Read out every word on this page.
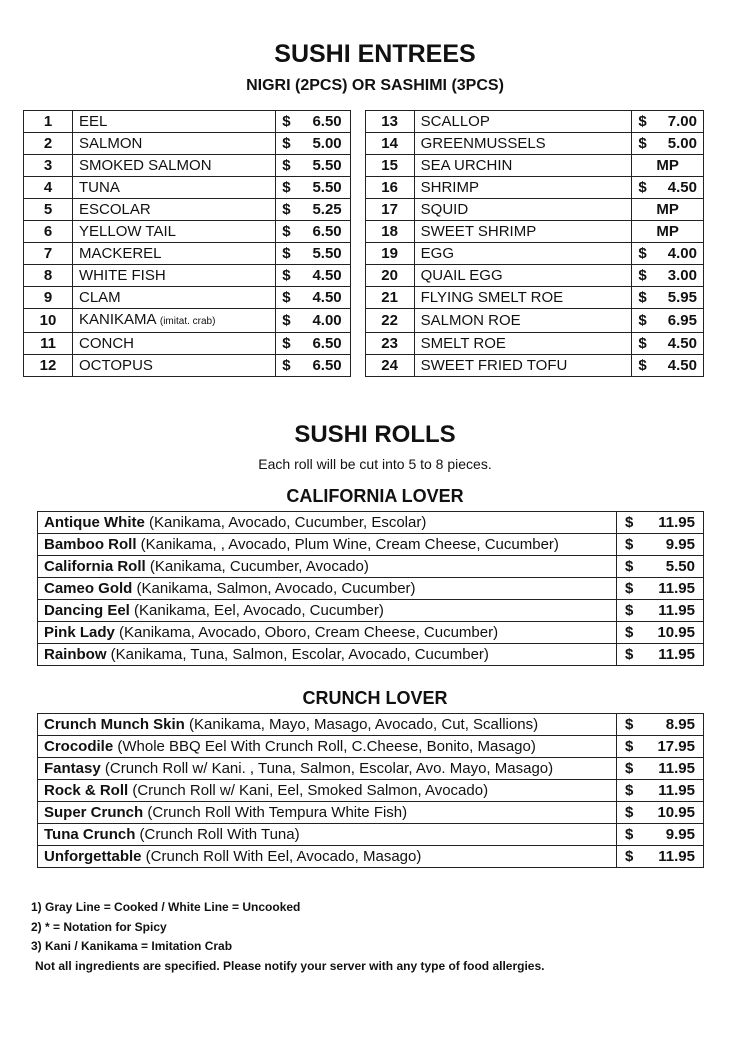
SUSHI ENTREES
NIGRI (2PCS) OR SASHIMI (3PCS)
1	EEL	$ 6.50		13	SCALLOP	$ 7.00

2	SALMON	$ 5.00		14	GREENMUSSELS	$ 5.00

3	SMOKED SALMON	$ 5.50		15	SEA URCHIN	MP

4	TUNA	$ 5.50		16	SHRIMP	$ 4.50

5	ESCOLAR	$ 5.25		17	SQUID	MP

6	YELLOW TAIL	$ 6.50		18	SWEET SHRIMP	MP

7	MACKEREL	$ 5.50		19	EGG	$ 4.00

8	WHITE FISH	$ 4.50		20	QUAIL EGG	$ 3.00

9	CLAM	$ 4.50		21	FLYING SMELT ROE	$ 5.95

10	KANIKAMA (imitat. crab)	$ 4.00		22	SALMON ROE	$ 6.95

11	CONCH	$ 6.50		23	SMELT ROE	$ 4.50

12	OCTOPUS	$ 6.50		24	SWEET FRIED TOFU	$ 4.50
SUSHI ROLLS
Each roll will be cut into 5 to 8 pieces.
CALIFORNIA LOVER
Antique White (Kanikama, Avocado, Cucumber, Escolar)	$ 11.95

Bamboo Roll (Kanikama, , Avocado, Plum Wine, Cream Cheese, Cucumber)	$ 9.95

California Roll (Kanikama, Cucumber, Avocado)	$ 5.50

Cameo Gold (Kanikama, Salmon, Avocado, Cucumber)	$ 11.95

Dancing Eel (Kanikama, Eel, Avocado, Cucumber)	$ 11.95

Pink Lady (Kanikama, Avocado, Oboro, Cream Cheese, Cucumber)	$ 10.95

Rainbow (Kanikama, Tuna, Salmon, Escolar, Avocado, Cucumber)	$ 11.95
CRUNCH LOVER
Crunch Munch Skin (Kanikama, Mayo, Masago, Avocado, Cut, Scallions)	$ 8.95

Crocodile (Whole BBQ Eel With Crunch Roll, C.Cheese, Bonito, Masago)	$ 17.95

Fantasy (Crunch Roll w/ Kani. , Tuna, Salmon, Escolar, Avo. Mayo, Masago)	$ 11.95

Rock & Roll (Crunch Roll w/ Kani, Eel, Smoked Salmon, Avocado)	$ 11.95

Super Crunch (Crunch Roll With Tempura White Fish)	$ 10.95

Tuna Crunch (Crunch Roll With Tuna)	$ 9.95

Unforgettable (Crunch Roll With Eel, Avocado, Masago)	$ 11.95
1) Gray Line = Cooked / White Line = Uncooked
2) * = Notation for Spicy
3) Kani / Kanikama = Imitation Crab
Not all ingredients are specified. Please notify your server with any type of food allergies.
